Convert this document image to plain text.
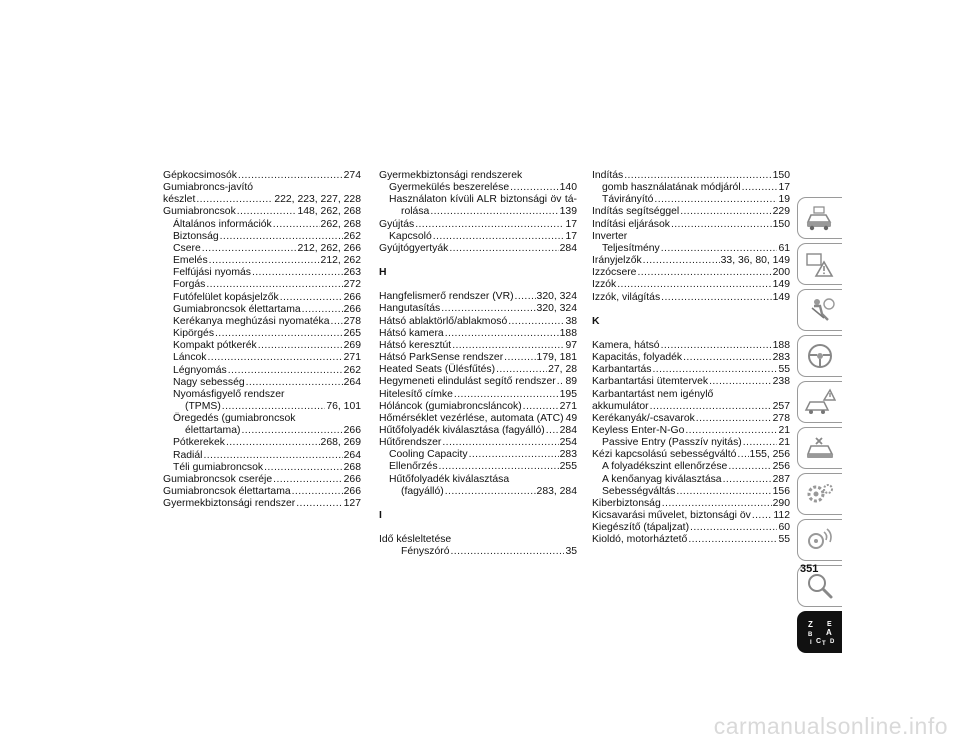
Gépkocsimosók .....	274
Gumiabroncs-javító
készlet .....	222, 223, 227, 228
Gumiabroncsok .....	148, 262, 268
Általános információk .....	262, 268
Biztonság .....	262
Csere .....	212, 262, 266
Emelés .....	212, 262
Felfújási nyomás .....	263
Forgás .....	272
Futófelület kopásjelzők .....	266
Gumiabroncsok élettartama .....	266
Kerékanya meghúzási nyomatéka ..... 278
Kipörgés .....	265
Kompakt pótkerék .....	269
Láncok .....	271
Légnyomás .....	262
Nagy sebesség .....	264
Nyomásfigyelő rendszer
(TPMS) .....	76, 101
Öregedés (gumiabroncsok
élettartama) .....	266
Pótkerekek .....	268, 269
Radiál .....	264
Téli gumiabroncsok .....	268
Gumiabroncsok cseréje .....	266
Gumiabroncsok élettartama .....	266
Gyermekbiztonsági rendszer .....	127
Gyermekbiztonsági rendszerek
Gyermekülés beszerelése .....	140
Használaton kívüli ALR biztonsági öv tá-
rolása .....	139
Gyújtás .....	17
Kapcsoló .....	17
Gyújtógyertyák .....	284
H
Hangfelismerő rendszer (VR) ..... 320, 324
Hangutasítás .....	320, 324
Hátsó ablaktörlő/ablakmosó .....	38
Hátsó kamera .....	188
Hátsó keresztút .....	97
Hátsó ParkSense rendszer .....	179, 181
Heated Seats (Ülésfűtés) .....	27, 28
Hegymeneti elindulást segítő rendszer ..... 89
Hitelesítő címke .....	195
Hóláncok (gumiabroncsláncok) .....	271
Hőmérséklet vezérlése, automata (ATC) 49
Hűtőfolyadék kiválasztása (fagyálló) ..... 284
Hűtőrendszer .....	254
Cooling Capacity .....	283
Ellenőrzés .....	255
Hűtőfolyadék kiválasztása
(fagyálló) .....	283, 284
I
Idő késleltetése
Fényszóró .....	35
Indítás .....	150
gomb használatának módjáról .....	17
Távirányító .....	19
Indítás segítséggel .....	229
Indítási eljárások .....	150
Inverter
Teljesítmény .....	61
Irányjelzők .....	33, 36, 80, 149
Izzócsere .....	200
Izzók .....	149
Izzók, világítás .....	149
K
Kamera, hátsó .....	188
Kapacitás, folyadék .....	283
Karbantartás .....	55
Karbantartási ütemtervek .....	238
Karbantartást nem igénylő
akkumulátor .....	257
Kerékanyák/-csavarok .....	278
Keyless Enter-N-Go .....	21
Passive Entry (Passzív nyitás) .....	21
Kézi kapcsolású sebességváltó ..... 155, 256
A folyadékszint ellenőrzése .....	256
A kenőanyag kiválasztása .....	287
Sebességváltás .....	156
Kiberbiztonság .....	290
Kicsavarási művelet, biztonsági öv ..... 112
Kiegészítő (tápaljzat) .....	60
Kioldó, motorháztető .....	55
Z E
B A
I C T D
351
carmanualsonline.info
